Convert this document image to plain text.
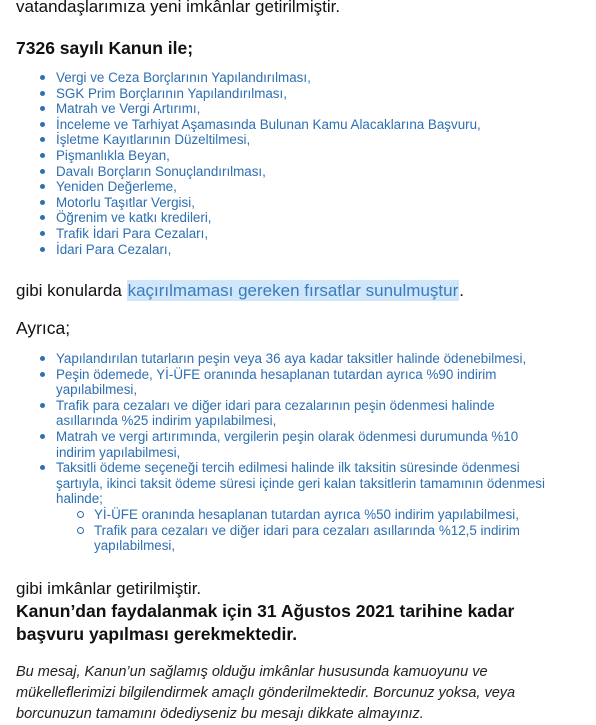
vatandaşlarımıza yeni imkânlar getirilmiştir.

7326 sayılı Kanun ile;
Vergi ve Ceza Borçlarının Yapılandırılması,
SGK Prim Borçlarının Yapılandırılması,
Matrah ve Vergi Artırımı,
İnceleme ve Tarhiyat Aşamasında Bulunan Kamu Alacaklarına Başvuru,
İşletme Kayıtlarının Düzeltilmesi,
Pişmanlıkla Beyan,
Davalı Borçların Sonuçlandırılması,
Yeniden Değerleme,
Motorlu Taşıtlar Vergisi,
Öğrenim ve katkı kredileri,
Trafik İdari Para Cezaları,
İdari Para Cezaları,

gibi konularda kaçırılmaması gereken fırsatlar sunulmuştur.

Ayrıca;
Yapılandırılan tutarların peşin veya 36 aya kadar taksitler halinde ödenebilmesi,
Peşin ödemede, Yİ-ÜFE oranında hesaplanan tutardan ayrıca %90 indirim yapılabilmesi,
Trafik para cezaları ve diğer idari para cezalarının peşin ödenmesi halinde asıllarında %25 indirim yapılabilmesi,
Matrah ve vergi artırımında, vergilerin peşin olarak ödenmesi durumunda %10 indirim yapılabilmesi,
Taksitli ödeme seçeneği tercih edilmesi halinde ilk taksitin süresinde ödenmesi şartıyla, ikinci taksit ödeme süresi içinde geri kalan taksitlerin tamamının ödenmesi halinde;
Yİ-ÜFE oranında hesaplanan tutardan ayrıca %50 indirim yapılabilmesi,
Trafik para cezaları ve diğer idari para cezaları asıllarında %12,5 indirim yapılabilmesi,

gibi imkânlar getirilmiştir.

Kanun’dan faydalanmak için 31 Ağustos 2021 tarihine kadar başvuru yapılması gerekmektedir.

Bu mesaj, Kanun’un sağlamış olduğu imkânlar hususunda kamuoyunu ve mükelleflerimizi bilgilendirmek amaçlı gönderilmektedir. Borcunuz yoksa, veya borcunuzun tamamını ödediyseniz bu mesajı dikkate almayınız.
